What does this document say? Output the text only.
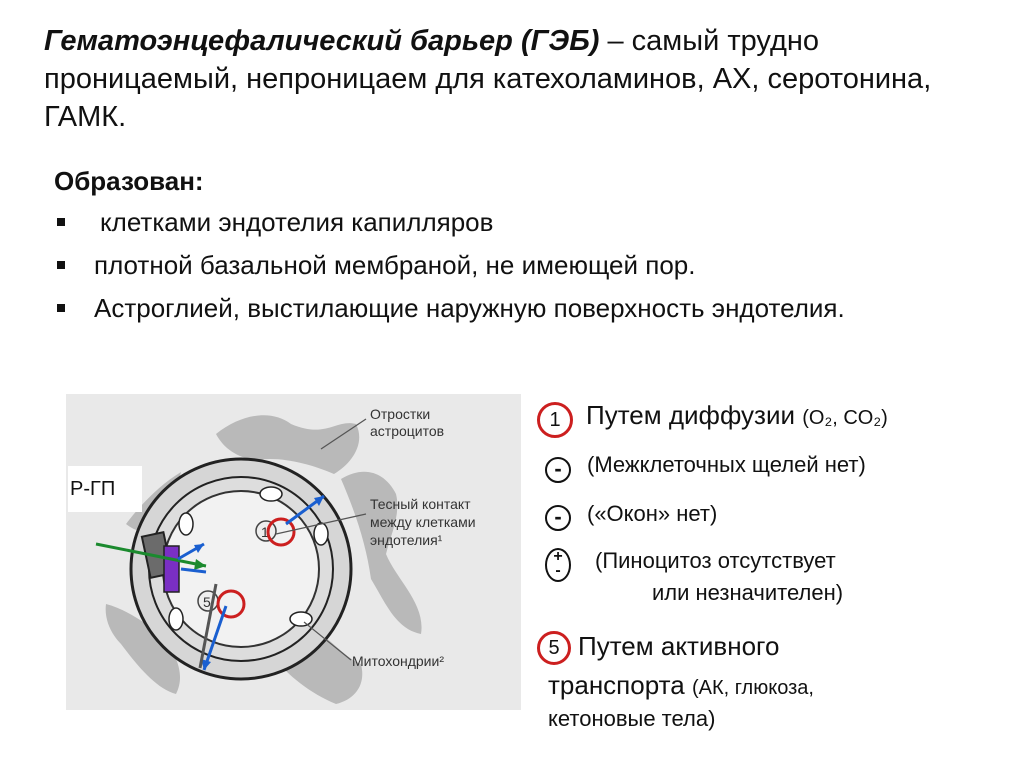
Гематоэнцефалический барьер (ГЭБ) – самый трудно проницаемый, непроницаем для катехоламинов, АХ, серотонина, ГАМК.

Образован:

клетками эндотелия капилляров
плотной базальной мембраной, не имеющей пор.
Астроглией, выстилающие наружную поверхность эндотелия.
1
5
Отростки
астроцитов
Тесный контакт
между клетками
эндотелия¹
Митохондрии²
Р-ГП
1 Путем диффузии (O₂, CO₂)
-	(Межклеточных щелей нет)
-	(«Окон» нет)
+
-	(Пиноцитоз отсутствует
или незначителен)
5 Путем активного
транспорта (АК, глюкоза,
кетоновые тела)
